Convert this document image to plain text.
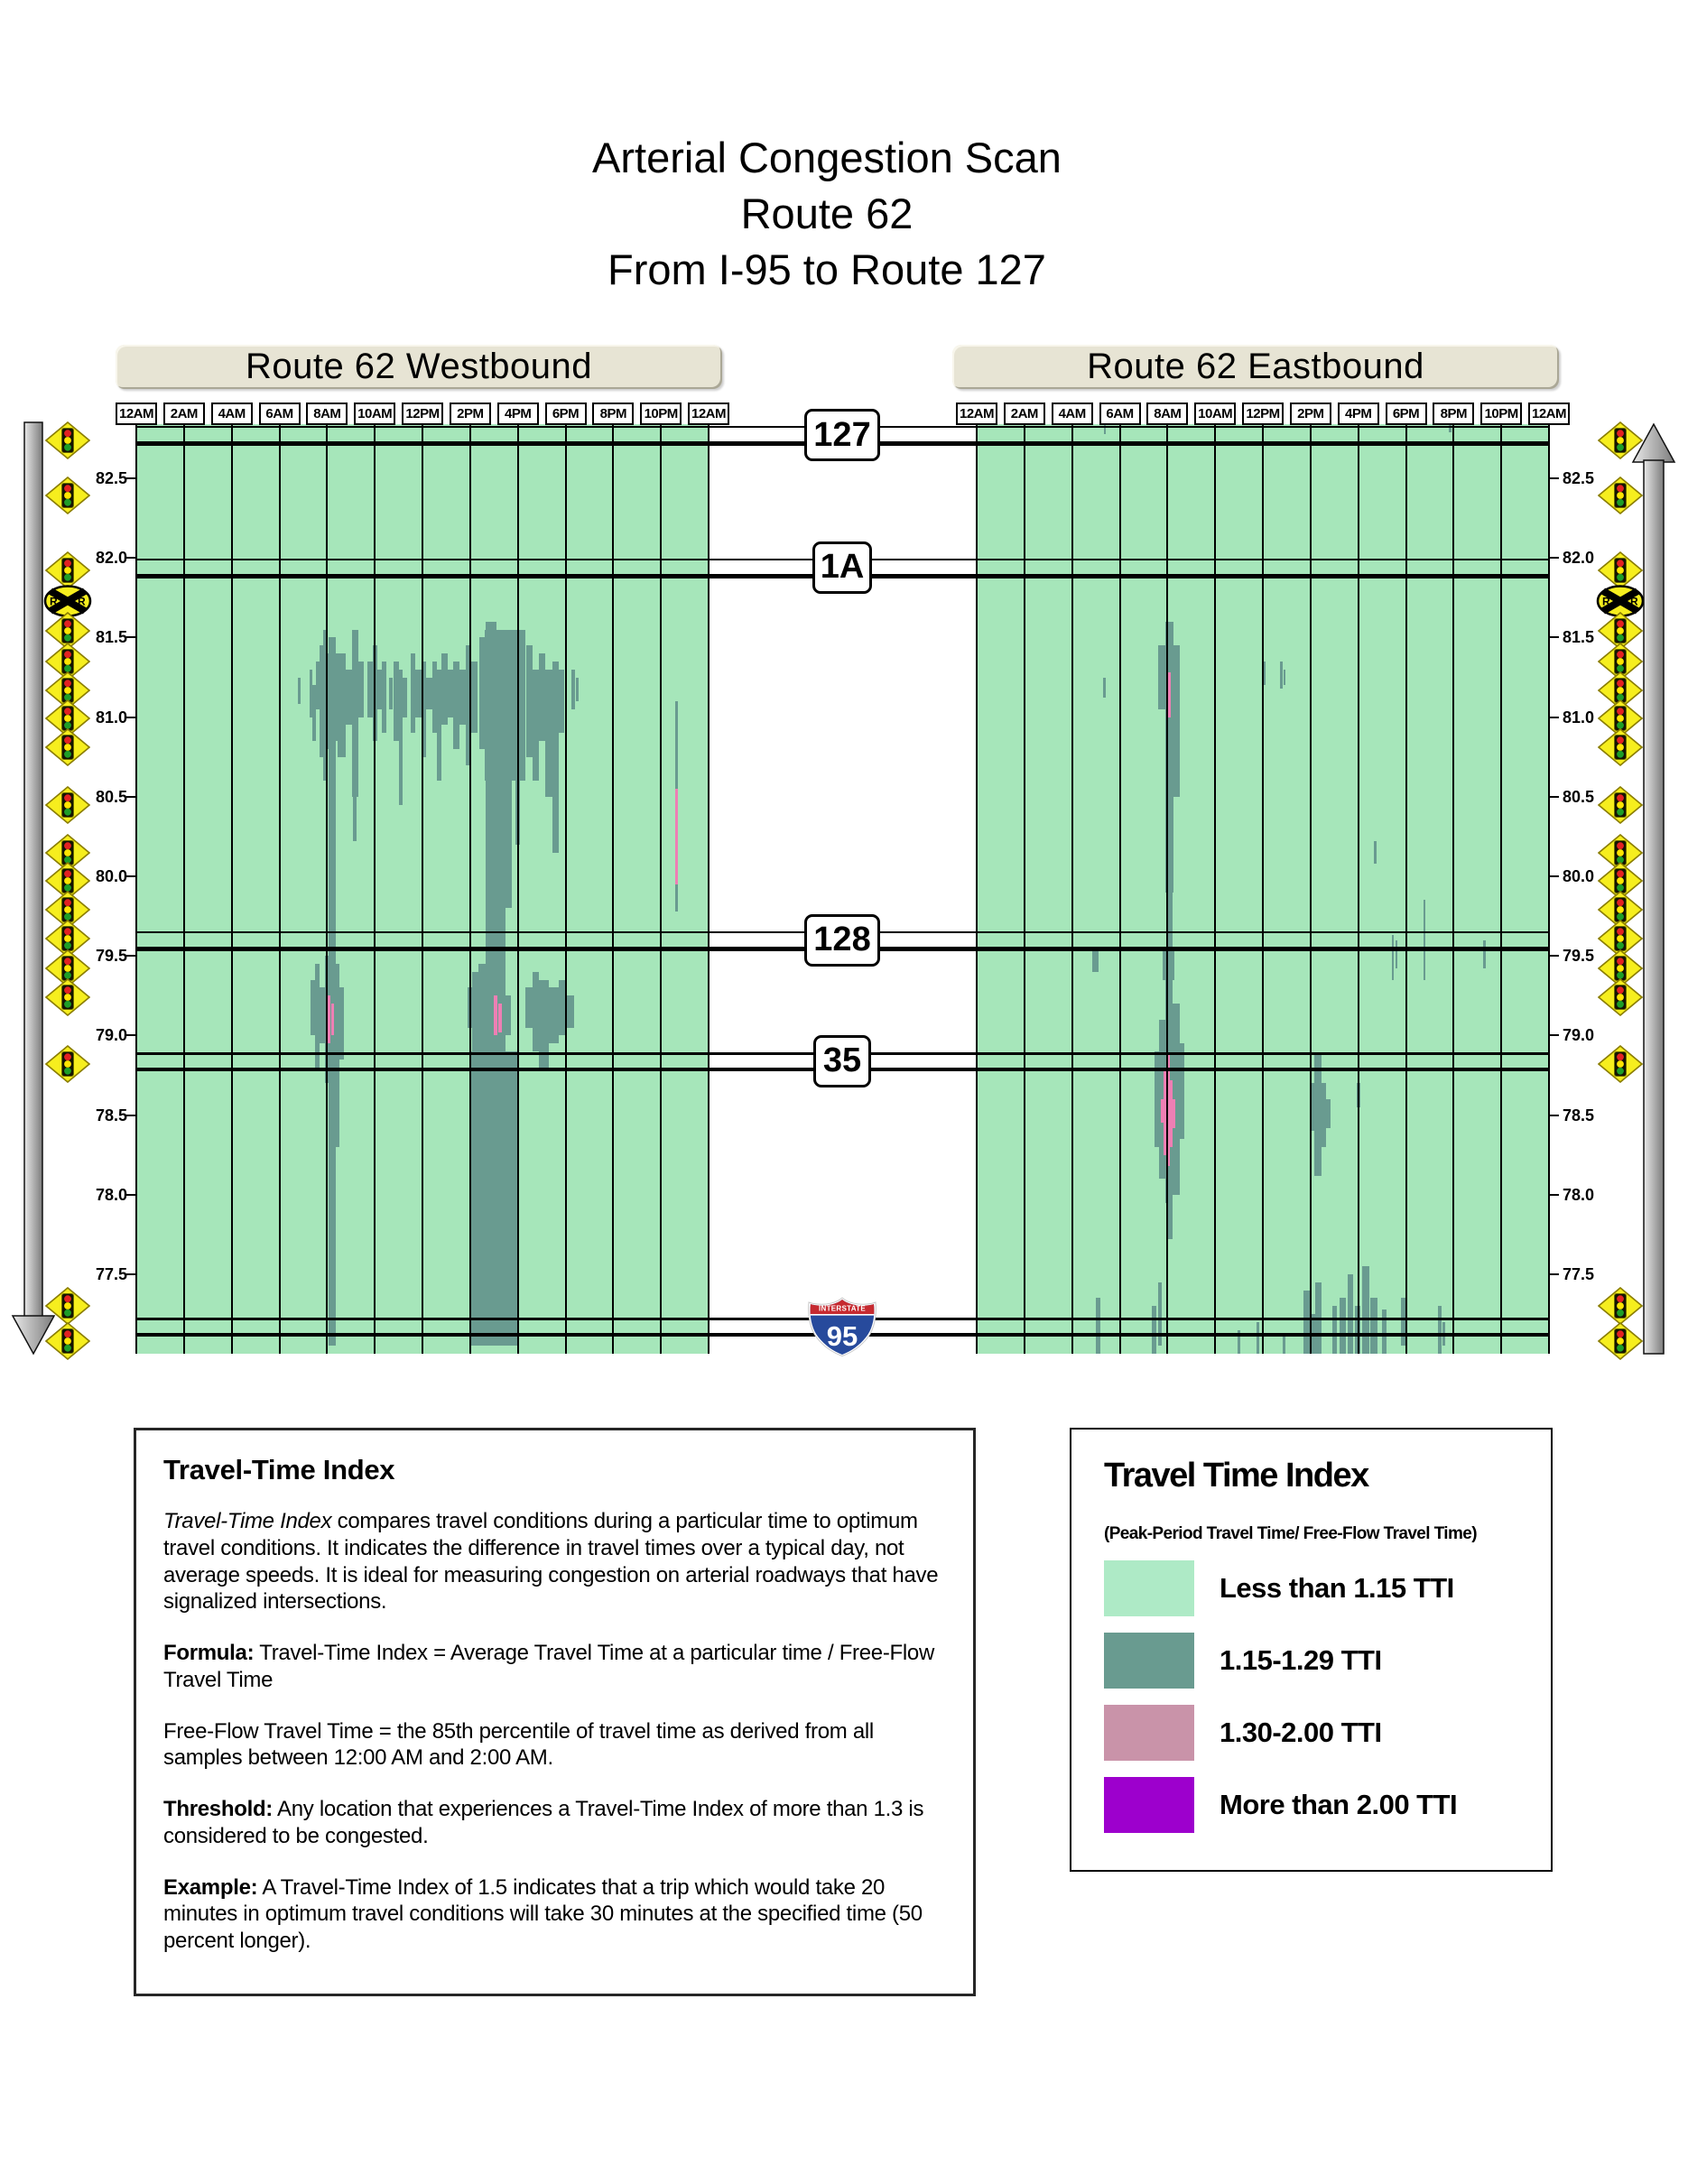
Arterial Congestion Scan
Route 62
From I-95 to Route 127
Route 62 Westbound	Route 62 Eastbound
82.5	82.5
82.0	82.0
81.5	81.5
81.0	81.0
80.5	80.5
80.0	80.0
79.5	79.5
79.0	79.0
78.5	78.5
78.0	78.0
77.5	77.5
12AM	2AM	4AM	6AM	8AM	10AM 12PM	2PM	4PM	6PM	8PM	10PM 12AM	12AM	2AM	4AM	6AM	8AM	10AM 12PM	2PM	4PM	6PM	8PM	10PM 12AM
127
1A
128
35
INTERSTATE
95
R R	R R
Travel-Time Index

Travel-Time Index compares travel conditions during a particular time to optimum travel conditions. It indicates the difference in travel times over a typical day, not average speeds. It is ideal for measuring congestion on arterial roadways that have signalized intersections.

Formula: Travel-Time Index = Average Travel Time at a particular time / Free-Flow Travel Time

Free-Flow Travel Time = the 85th percentile of travel time as derived from all samples between 12:00 AM and 2:00 AM.

Threshold: Any location that experiences a Travel-Time Index of more than 1.3 is considered to be congested.

Example: A Travel-Time Index of 1.5 indicates that a trip which would take 20 minutes in optimum travel conditions will take 30 minutes at the specified time (50 percent longer).

Travel Time Index
(Peak-Period Travel Time/ Free-Flow Travel Time)
Less than 1.15 TTI
1.15-1.29 TTI
1.30-2.00 TTI
More than 2.00 TTI
